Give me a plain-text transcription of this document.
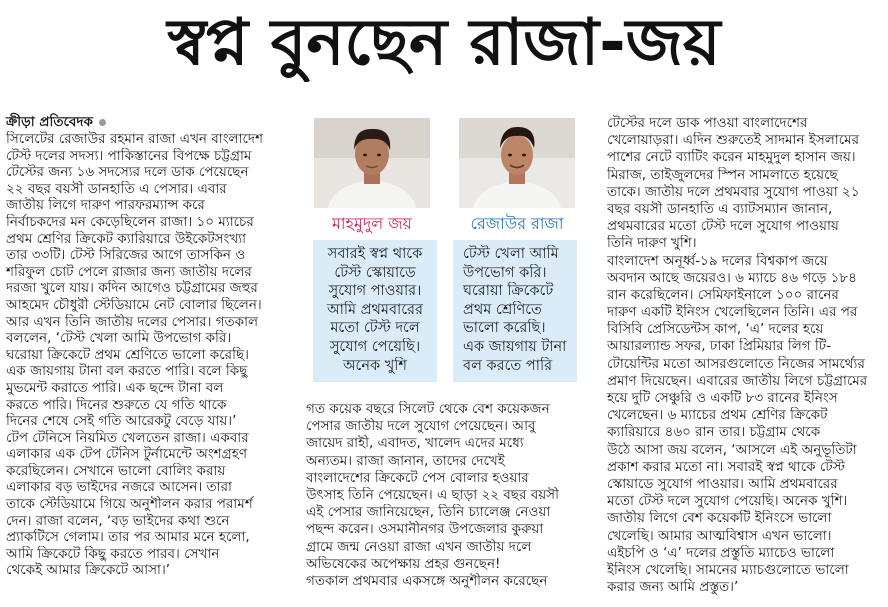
স্বপ্ন বুনছেন রাজা-জয়
ক্রীড়া প্রতিবেদক
সিলেটের রেজাউর রহমান রাজা এখন বাংলাদেশ
টেস্ট দলের সদস্য। পাকিস্তানের বিপক্ষে চট্টগ্রাম
টেস্টের জন্য ১৬ সদস্যের দলে ডাক পেয়েছেন
২২ বছর বয়সী ডানহাতি এ পেসার। এবার
জাতীয় লিগে দারুণ পারফরম্যান্স করে
নির্বাচকদের মন কেড়েছিলেন রাজা। ১০ ম্যাচের
প্রথম শ্রেণির ক্রিকেট ক্যারিয়ারে উইকেটসংখ্যা
তার ৩৩টি। টেস্ট সিরিজের আগে তাসকিন ও
শরিফুল চোট পেলে রাজার জন্য জাতীয় দলের
দরজা খুলে যায়। কদিন আগেও চট্টগ্রামের জহুর
আহমেদ চৌধুরী স্টেডিয়ামে নেট বোলার ছিলেন।
আর এখন তিনি জাতীয় দলের পেসার। গতকাল
বললেন, ‘টেস্ট খেলা আমি উপভোগ করি।
ঘরোয়া ক্রিকেটে প্রথম শ্রেণিতে ভালো করেছি।
এক জায়গায় টানা বল করতে পারি। বলে কিছু
মুভমেন্ট করাতে পারি। এক ছন্দে টানা বল
করতে পারি। দিনের শুরুতে যে গতি থাকে
দিনের শেষে সেই গতি আরেকটু বেড়ে যায়।’
টেপ টেনিসে নিয়মিত খেলতেন রাজা। একবার
এলাকার এক টেপ টেনিস টুর্নামেন্টে অংশগ্রহণ
করেছিলেন। সেখানে ভালো বোলিং করায়
এলাকার বড় ভাইদের নজরে আসেন। তারা
তাকে স্টেডিয়ামে গিয়ে অনুশীলন করার পরামর্শ
দেন। রাজা বলেন, ‘বড় ভাইদের কথা শুনে
প্র্যাকটিসে গেলাম। তার পর আমার মনে হলো,
আমি ক্রিকেটে কিছু করতে পারব। সেখান
থেকেই আমার ক্রিকেটে আসা।’
মাহমুদুল জয়	রেজাউর রাজা
সবারই স্বপ্ন থাকে
টেস্ট স্কোয়াডে
সুযোগ পাওয়ার।
আমি প্রথমবারের
মতো টেস্ট দলে
সুযোগ পেয়েছি।
অনেক খুশি
টেস্ট খেলা আমি
উপভোগ করি।
ঘরোয়া ক্রিকেটে
প্রথম শ্রেণিতে
ভালো করেছি।
এক জায়গায় টানা
বল করতে পারি
গত কয়েক বছরে সিলেট থেকে বেশ কয়েকজন
পেসার জাতীয় দলে সুযোগ পেয়েছেন। আবু
জায়েদ রাহী, এবাদত, খালেদ এদের মধ্যে
অন্যতম। রাজা জানান, তাদের দেখেই
বাংলাদেশের ক্রিকেটে পেস বোলার হওয়ার
উৎসাহ তিনি পেয়েছেন। এ ছাড়া ২২ বছর বয়সী
এই পেসার জানিয়েছেন, তিনি চ্যালেঞ্জ নেওয়া
পছন্দ করেন। ওসমানীনগর উপজেলার কুরুয়া
গ্রামে জন্ম নেওয়া রাজা এখন জাতীয় দলে
অভিষেকের অপেক্ষায় প্রহর গুনছেন!
গতকাল প্রথমবার একসঙ্গে অনুশীলন করেছেন
টেস্টের দলে ডাক পাওয়া বাংলাদেশের
খেলোয়াড়রা। এদিন শুরুতেই সাদমান ইসলামের
পাশের নেটে ব্যাটিং করেন মাহমুদুল হাসান জয়।
মিরাজ, তাইজুলদের স্পিন সামলাতে হয়েছে
তাকে। জাতীয় দলে প্রথমবার সুযোগ পাওয়া ২১
বছর বয়সী ডানহাতি এ ব্যাটসম্যান জানান,
প্রথমবারের মতো টেস্ট দলে সুযোগ পাওয়ায়
তিনি দারুণ খুশি।
বাংলাদেশ অনূর্ধ্ব-১৯ দলের বিশ্বকাপ জয়ে
অবদান আছে জয়েরও। ৬ ম্যাচে ৪৬ গড়ে ১৮৪
রান করেছিলেন। সেমিফাইনালে ১০০ রানের
দারুণ একটি ইনিংস খেলেছিলেন তিনি। এর পর
বিসিবি প্রেসিডেন্টস কাপ, ‘এ’ দলের হয়ে
আয়ারল্যান্ড সফর, ঢাকা প্রিমিয়ার লিগ টি-
টোয়েন্টির মতো আসরগুলোতে নিজের সামর্থ্যের
প্রমাণ দিয়েছেন। এবারের জাতীয় লিগে চট্টগ্রামের
হয়ে দুটি সেঞ্চুরি ও একটি ৮৩ রানের ইনিংস
খেলেছেন। ৬ ম্যাচের প্রথম শ্রেণির ক্রিকেট
ক্যারিয়ারে ৪৬০ রান তার। চট্টগ্রাম থেকে
উঠে আসা জয় বলেন, ‘আসলে এই অনুভূতিটা
প্রকাশ করার মতো না। সবারই স্বপ্ন থাকে টেস্ট
স্কোয়াডে সুযোগ পাওয়ার। আমি প্রথমবারের
মতো টেস্ট দলে সুযোগ পেয়েছি। অনেক খুশি।
জাতীয় লিগে বেশ কয়েকটি ইনিংসে ভালো
খেলেছি। আমার আত্মবিশ্বাস এখন ভালো।
এইচপি ও ‘এ’ দলের প্রস্তুতি ম্যাচেও ভালো
ইনিংস খেলেছি। সামনের ম্যাচগুলোতে ভালো
করার জন্য আমি প্রস্তুত।’
